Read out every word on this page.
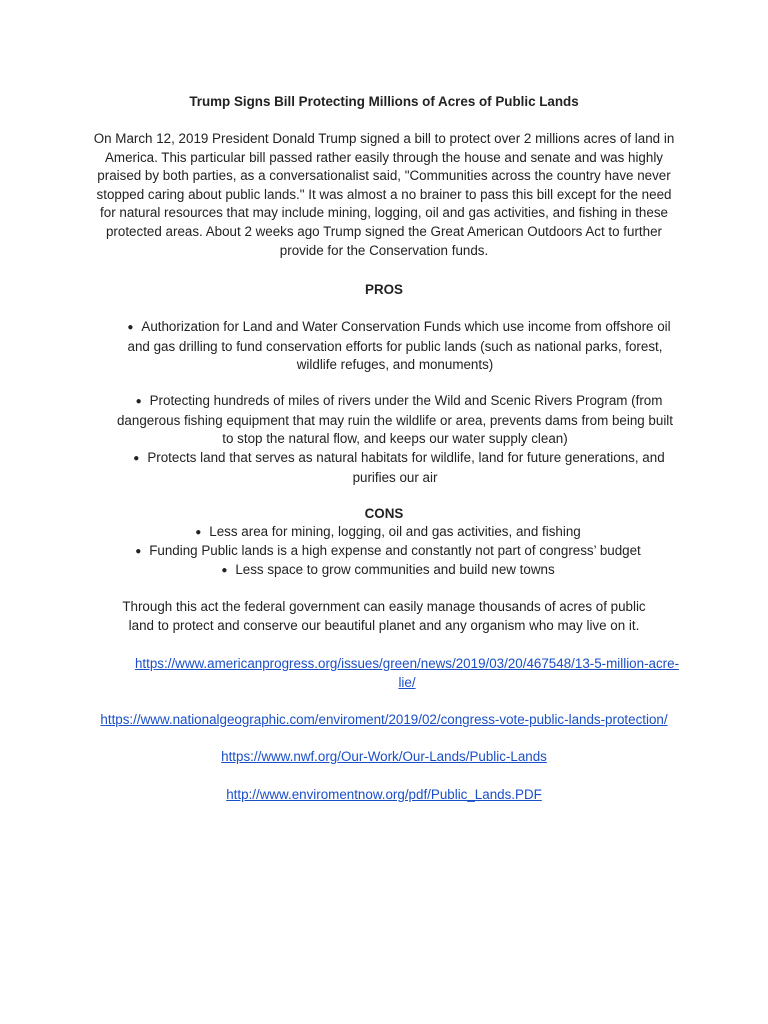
Trump Signs Bill Protecting Millions of Acres of Public Lands
On March 12, 2019 President Donald Trump signed a bill to protect over 2 millions acres of land in America. This particular bill passed rather easily through the house and senate and was highly praised by both parties, as a conversationalist said, "Communities across the country have never stopped caring about public lands." It was almost a no brainer to pass this bill except for the need for natural resources that may include mining, logging, oil and gas activities, and fishing in these protected areas. About 2 weeks ago Trump signed the Great American Outdoors Act to further provide for the Conservation funds.
PROS
● Authorization for Land and Water Conservation Funds which use income from offshore oil and gas drilling to fund conservation efforts for public lands (such as national parks, forest, wildlife refuges, and monuments)
● Protecting hundreds of miles of rivers under the Wild and Scenic Rivers Program (from dangerous fishing equipment that may ruin the wildlife or area, prevents dams from being built to stop the natural flow, and keeps our water supply clean)
● Protects land that serves as natural habitats for wildlife, land for future generations, and purifies our air
CONS
● Less area for mining, logging, oil and gas activities, and fishing
● Funding Public lands is a high expense and constantly not part of congress’ budget
● Less space to grow communities and build new towns
Through this act the federal government can easily manage thousands of acres of public land to protect and conserve our beautiful planet and any organism who may live on it.
https://www.americanprogress.org/issues/green/news/2019/03/20/467548/13-5-million-acre-lie/
https://www.nationalgeographic.com/enviroment/2019/02/congress-vote-public-lands-protection/
https://www.nwf.org/Our-Work/Our-Lands/Public-Lands
http://www.enviromentnow.org/pdf/Public_Lands.PDF
